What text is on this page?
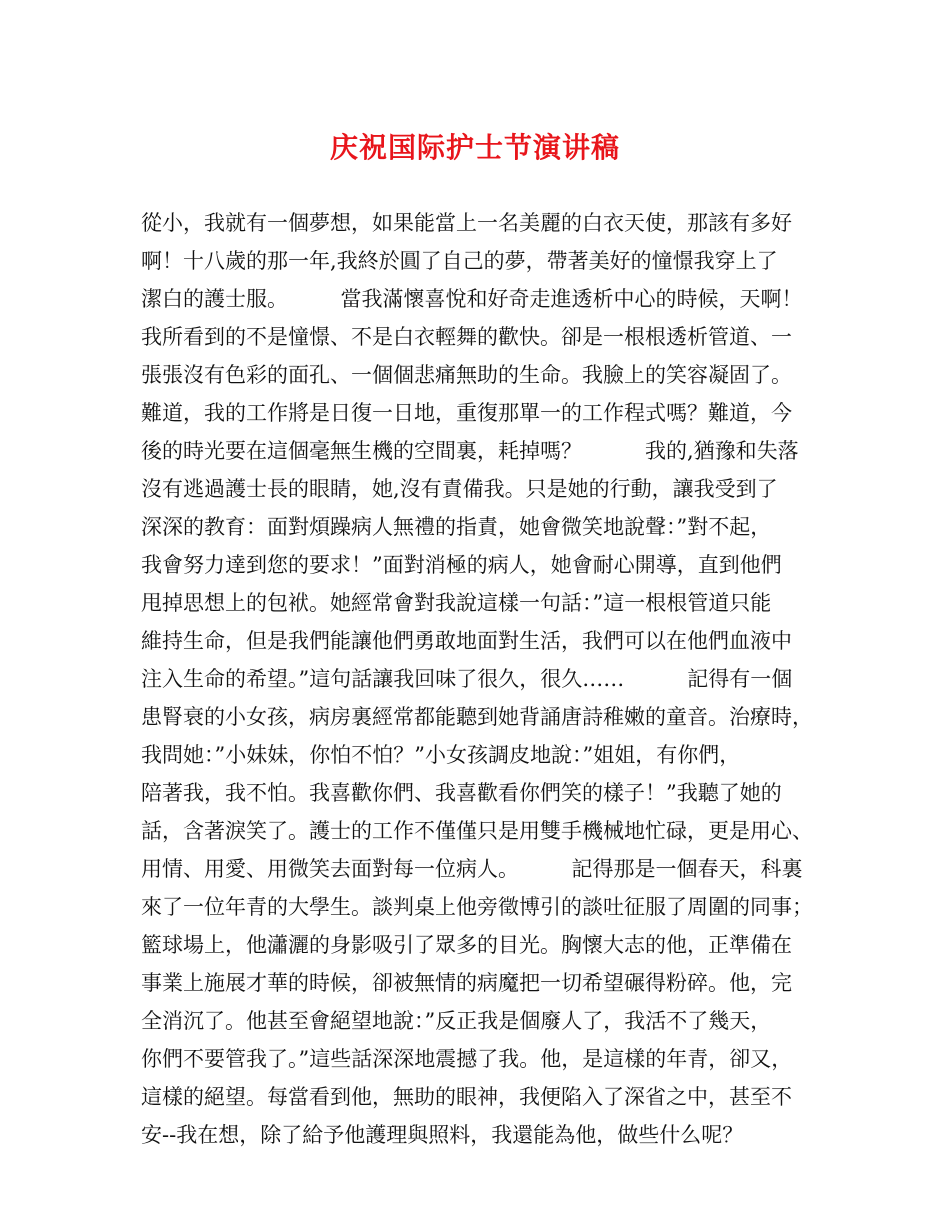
庆祝国际护士节演讲稿
從小，我就有一個夢想，如果能當上一名美麗的白衣天使，那該有多好
啊！十八歲的那一年,我終於圓了自己的夢，帶著美好的憧憬我穿上了
潔白的護士服。　　　當我滿懷喜悅和好奇走進透析中心的時候，天啊！
我所看到的不是憧憬、不是白衣輕舞的歡快。卻是一根根透析管道、一
張張沒有色彩的面孔、一個個悲痛無助的生命。我臉上的笑容凝固了。
難道，我的工作將是日復一日地，重復那單一的工作程式嗎？難道，今
後的時光要在這個毫無生機的空間裏，耗掉嗎？　　　我的,猶豫和失落
沒有逃過護士長的眼睛，她,沒有責備我。只是她的行動，讓我受到了
深深的教育：面對煩躁病人無禮的指責，她會微笑地說聲：”對不起，
我會努力達到您的要求！”面對消極的病人，她會耐心開導，直到他們
甩掉思想上的包袱。她經常會對我說這樣一句話：”這一根根管道只能
維持生命，但是我們能讓他們勇敢地面對生活，我們可以在他們血液中
注入生命的希望。”這句話讓我回味了很久，很久……　　　記得有一個
患腎衰的小女孩，病房裏經常都能聽到她背誦唐詩稚嫩的童音。治療時，
我問她：”小妹妹，你怕不怕？”小女孩調皮地說：”姐姐，有你們，
陪著我，我不怕。我喜歡你們、我喜歡看你們笑的樣子！”我聽了她的
話，含著淚笑了。護士的工作不僅僅只是用雙手機械地忙碌，更是用心、
用情、用愛、用微笑去面對每一位病人。　　　記得那是一個春天，科裏
來了一位年青的大學生。談判桌上他旁徵博引的談吐征服了周圍的同事；
籃球場上，他瀟灑的身影吸引了眾多的目光。胸懷大志的他，正準備在
事業上施展才華的時候，卻被無情的病魔把一切希望碾得粉碎。他，完
全消沉了。他甚至會絕望地說：”反正我是個廢人了，我活不了幾天，
你們不要管我了。”這些話深深地震撼了我。他，是這樣的年青，卻又，
這樣的絕望。每當看到他，無助的眼神，我便陷入了深省之中，甚至不
安--我在想，除了給予他護理與照料，我還能為他，做些什么呢？
